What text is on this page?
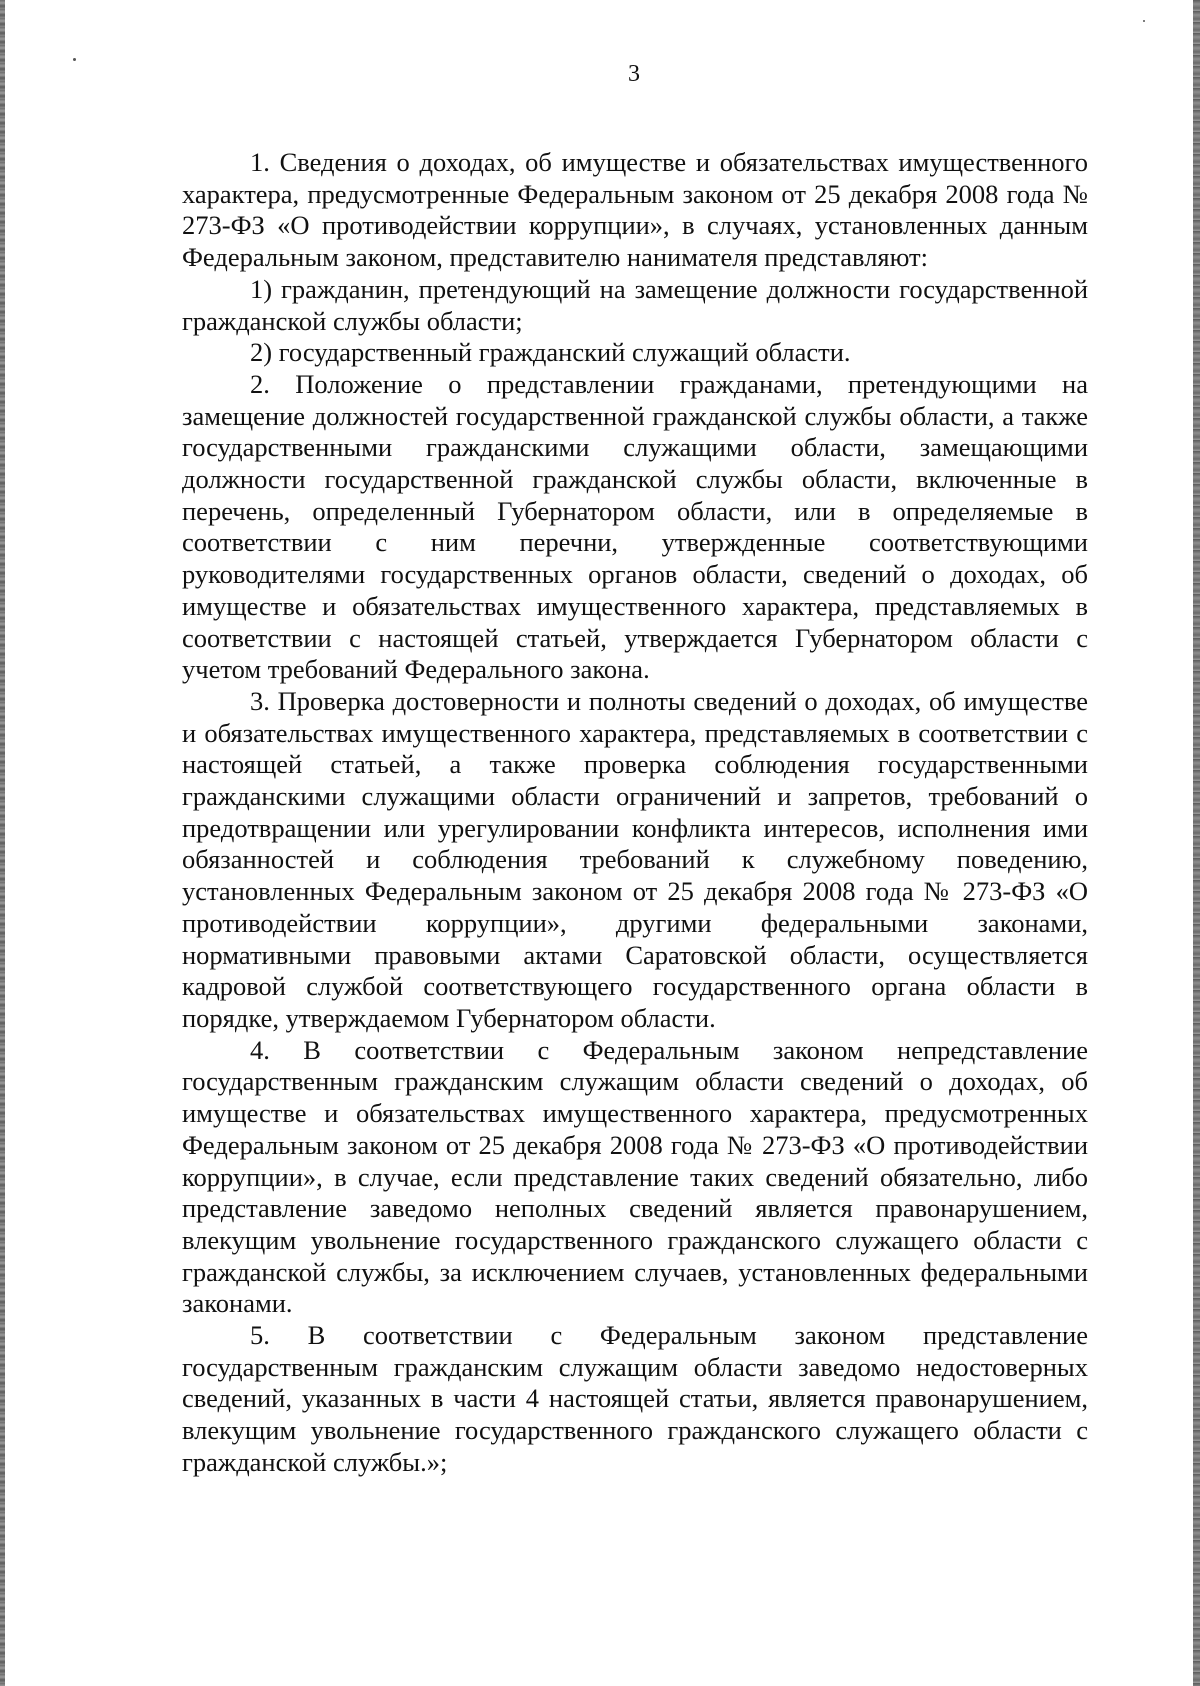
3

1. Сведения о доходах, об имуществе и обязательствах имущественного характера, предусмотренные Федеральным законом от 25 декабря 2008 года № 273-ФЗ «О противодействии коррупции», в случаях, установленных данным Федеральным законом, представителю нанимателя представляют:

1) гражданин, претендующий на замещение должности государственной гражданской службы области;

2) государственный гражданский служащий области.

2. Положение о представлении гражданами, претендующими на замещение должностей государственной гражданской службы области, а также государственными гражданскими служащими области, замещающими должности государственной гражданской службы области, включенные в перечень, определенный Губернатором области, или в определяемые в соответствии с ним перечни, утвержденные соответствующими руководителями государственных органов области, сведений о доходах, об имуществе и обязательствах имущественного характера, представляемых в соответствии с настоящей статьей, утверждается Губернатором области с учетом требований Федерального закона.

3. Проверка достоверности и полноты сведений о доходах, об имуществе и обязательствах имущественного характера, представляемых в соответствии с настоящей статьей, а также проверка соблюдения государственными гражданскими служащими области ограничений и запретов, требований о предотвращении или урегулировании конфликта интересов, исполнения ими обязанностей и соблюдения требований к служебному поведению, установленных Федеральным законом от 25 декабря 2008 года № 273-ФЗ «О противодействии коррупции», другими федеральными законами, нормативными правовыми актами Саратовской области, осуществляется кадровой службой соответствующего государственного органа области в порядке, утверждаемом Губернатором области.

4. В соответствии с Федеральным законом непредставление государственным гражданским служащим области сведений о доходах, об имуществе и обязательствах имущественного характера, предусмотренных Федеральным законом от 25 декабря 2008 года № 273-ФЗ «О противодействии коррупции», в случае, если представление таких сведений обязательно, либо представление заведомо неполных сведений является правонарушением, влекущим увольнение государственного гражданского служащего области с гражданской службы, за исключением случаев, установленных федеральными законами.

5. В соответствии с Федеральным законом представление государственным гражданским служащим области заведомо недостоверных сведений, указанных в части 4 настоящей статьи, является правонарушением, влекущим увольнение государственного гражданского служащего области с гражданской службы.»;
